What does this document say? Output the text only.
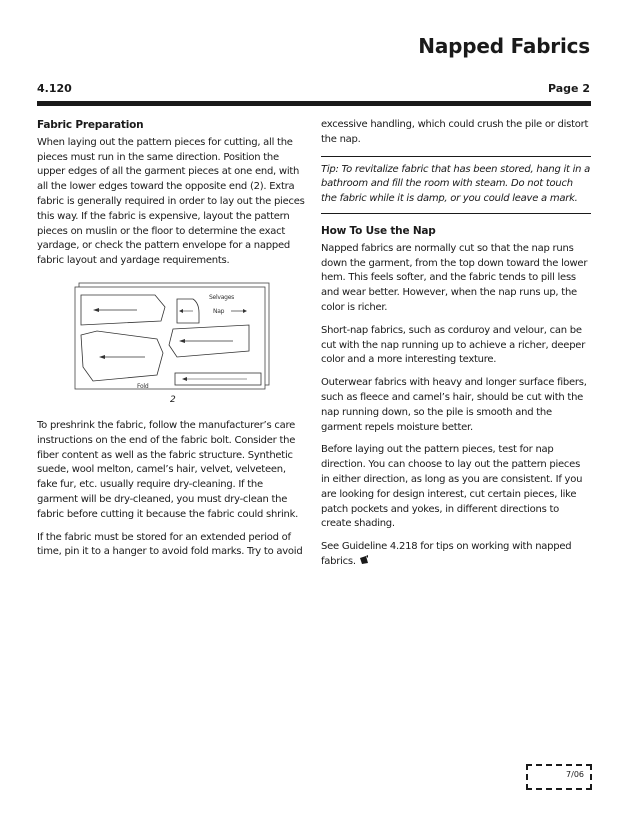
Napped Fabrics
4.120	Page 2
Fabric Preparation

When laying out the pattern pieces for cutting, all the pieces must run in the same direction. Position the upper edges of all the garment pieces at one end, with all the lower edges toward the opposite end (2). Extra fabric is generally required in order to lay out the pieces this way. If the fabric is expensive, layout the pattern pieces on muslin or the floor to determine the exact yardage, or check the pattern envelope for a napped fabric layout and yardage requirements.

Selvages
Nap
Fold
2

To preshrink the fabric, follow the manufacturer’s care instructions on the end of the fabric bolt. Consider the fiber content as well as the fabric structure. Synthetic suede, wool melton, camel’s hair, velvet, velveteen, fake fur, etc. usually require dry-cleaning. If the garment will be dry-cleaned, you must dry-clean the fabric before cutting it because the fabric could shrink.

If the fabric must be stored for an extended period of time, pin it to a hanger to avoid fold marks. Try to avoid

excessive handling, which could crush the pile or distort the nap.

Tip: To revitalize fabric that has been stored, hang it in a bathroom and fill the room with steam. Do not touch the fabric while it is damp, or you could leave a mark.

How To Use the Nap

Napped fabrics are normally cut so that the nap runs down the garment, from the top down toward the lower hem. This feels softer, and the fabric tends to pill less and wear better. However, when the nap runs up, the color is richer.

Short-nap fabrics, such as corduroy and velour, can be cut with the nap running up to achieve a richer, deeper color and a more interesting texture.

Outerwear fabrics with heavy and longer surface fibers, such as fleece and camel’s hair, should be cut with the nap running down, so the pile is smooth and the garment repels moisture better.

Before laying out the pattern pieces, test for nap direction. You can choose to lay out the pattern pieces in either direction, as long as you are consistent. If you are looking for design interest, cut certain pieces, like patch pockets and yokes, in different directions to create shading.

See Guideline 4.218 for tips on working with napped fabrics.

7/06
